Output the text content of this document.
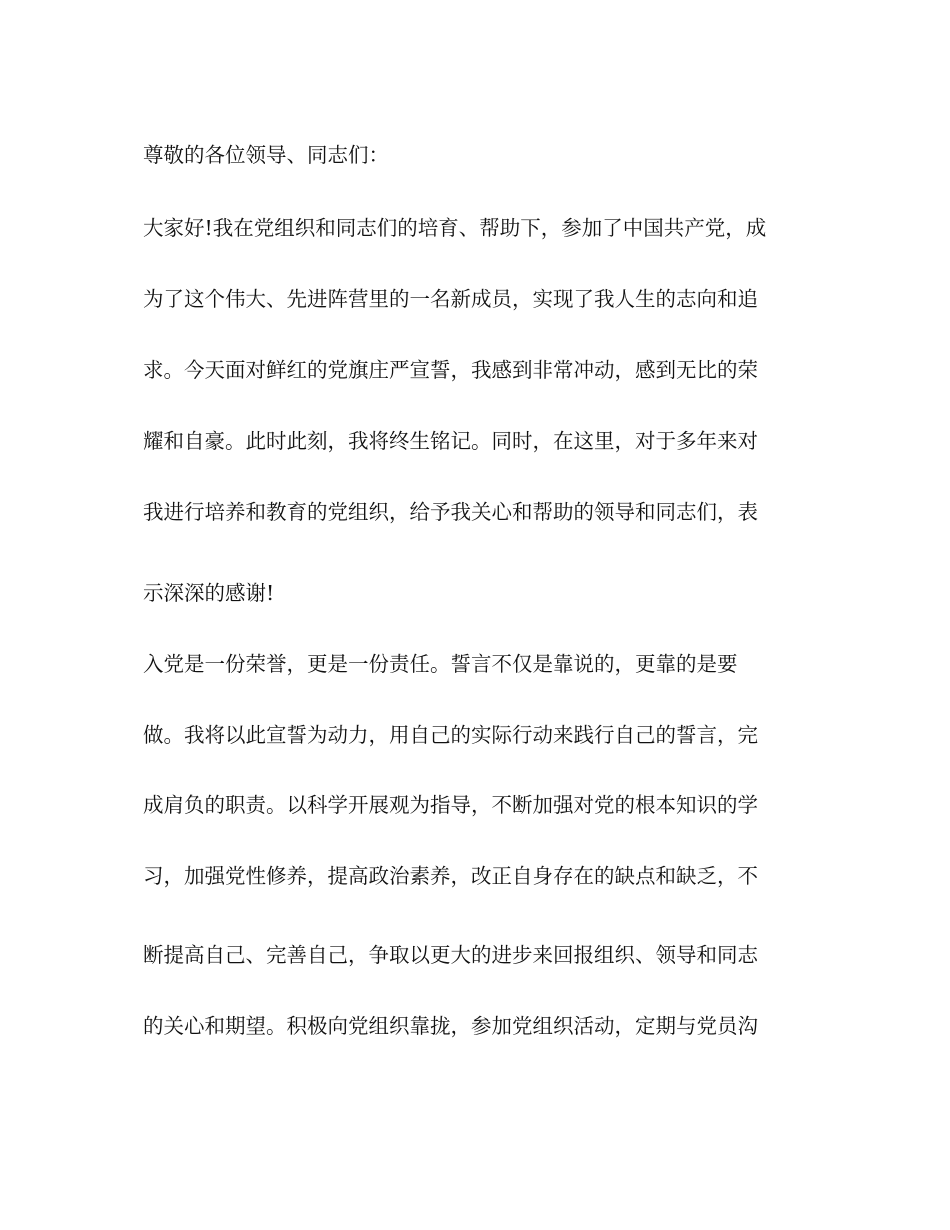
尊敬的各位领导、同志们：
大家好!我在党组织和同志们的培育、帮助下，参加了中国共产党，成
为了这个伟大、先进阵营里的一名新成员，实现了我人生的志向和追
求。今天面对鲜红的党旗庄严宣誓，我感到非常冲动，感到无比的荣
耀和自豪。此时此刻，我将终生铭记。同时，在这里，对于多年来对
我进行培养和教育的党组织，给予我关心和帮助的领导和同志们，表
示深深的感谢!
入党是一份荣誉，更是一份责任。誓言不仅是靠说的，更靠的是要
做。我将以此宣誓为动力，用自己的实际行动来践行自己的誓言，完
成肩负的职责。以科学开展观为指导，不断加强对党的根本知识的学
习，加强党性修养，提高政治素养，改正自身存在的缺点和缺乏，不
断提高自己、完善自己，争取以更大的进步来回报组织、领导和同志
的关心和期望。积极向党组织靠拢，参加党组织活动，定期与党员沟
